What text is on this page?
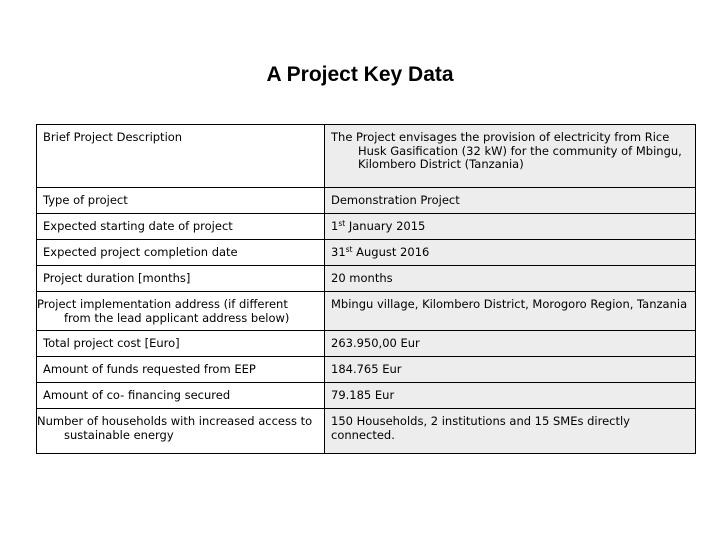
A Project Key Data
Brief Project Description	The Project envisages the provision of electricity from Rice Husk Gasification (32 kW) for the community of Mbingu, Kilombero District (Tanzania)
Type of project	Demonstration Project
Expected starting date of project	1st January 2015
Expected project completion date	31st August 2016
Project duration [months]	20 months
Project implementation address (if different from the lead applicant address below)	Mbingu village, Kilombero District, Morogoro Region, Tanzania
Total project cost [Euro]	263.950,00 Eur
Amount of funds requested from EEP	184.765 Eur
Amount of co- financing secured	79.185 Eur
Number of households with increased access to sustainable energy	150 Households, 2 institutions and 15 SMEs directly connected.
